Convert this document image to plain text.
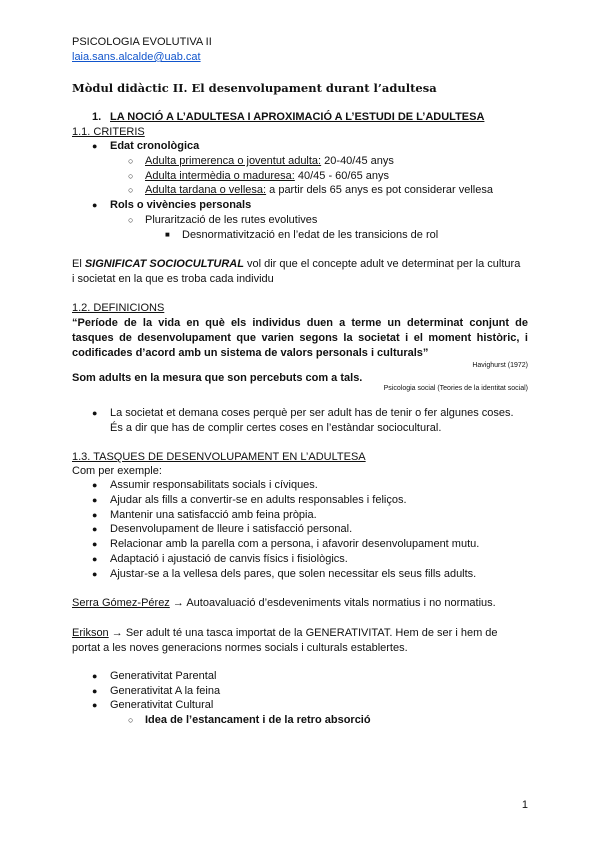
PSICOLOGIA EVOLUTIVA II
laia.sans.alcalde@uab.cat
Mòdul didàctic II. El desenvolupament durant l’adultesa
1. LA NOCIÓ A L’ADULTESA I APROXIMACIÓ A L’ESTUDI DE L’ADULTESA
1.1. CRITERIS
● Edat cronològica
○ Adulta primerenca o joventut adulta: 20-40/45 anys
○ Adulta intermèdia o maduresa: 40/45 - 60/65 anys
○ Adulta tardana o vellesa: a partir dels 65 anys es pot considerar vellesa
● Rols o vivències personals
○ Plurarització de les rutes evolutives
■ Desnormativització en l’edat de les transicions de rol
El SIGNIFICAT SOCIOCULTURAL vol dir que el concepte adult ve determinat per la cultura
i societat en la que es troba cada individu
1.2. DEFINICIONS
“Període de la vida en què els individus duen a terme un determinat conjunt de tasques de desenvolupament que varien segons la societat i el moment històric, i codificades d’acord amb un sistema de valors personals i culturals”
Havighurst (1972)
Som adults en la mesura que son percebuts com a tals.
Psicologia social (Teories de la identitat social)
● La societat et demana coses perquè per ser adult has de tenir o fer algunes coses.
És a dir que has de complir certes coses en l’estàndar sociocultural.
1.3. TASQUES DE DESENVOLUPAMENT EN L’ADULTESA
Com per exemple:
● Assumir responsabilitats socials i cíviques.
● Ajudar als fills a convertir-se en adults responsables i feliços.
● Mantenir una satisfacció amb feina pròpia.
● Desenvolupament de lleure i satisfacció personal.
● Relacionar amb la parella com a persona, i afavorir desenvolupament mutu.
● Adaptació i ajustació de canvis físics i fisiològics.
● Ajustar-se a la vellesa dels pares, que solen necessitar els seus fills adults.
Serra Gómez-Pérez → Autoavaluació d’esdeveniments vitals normatius i no normatius.
Erikson → Ser adult té una tasca importat de la GENERATIVITAT. Hem de ser i hem de
portat a les noves generacions normes socials i culturals establertes.
● Generativitat Parental
● Generativitat A la feina
● Generativitat Cultural
○ Idea de l’estancament i de la retro absorció
1
